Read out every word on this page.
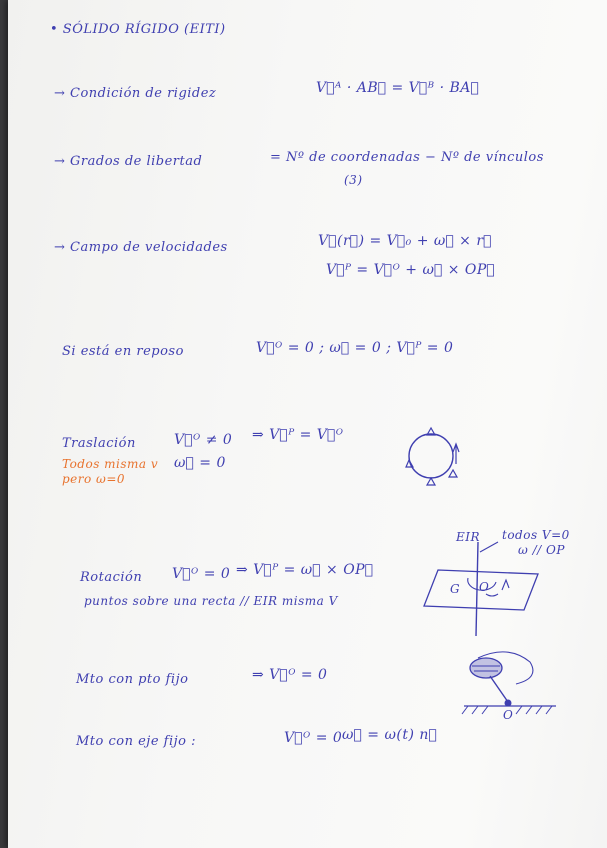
• SÓLIDO RÍGIDO (EITI)
→ Condición de rigidez	V⃗ᴬ · AB⃗ = V⃗ᴮ · BA⃗
→ Grados de libertad	= Nº de coordenadas − Nº de vínculos
(3)
→ Campo de velocidades	V⃗(r⃗) = V⃗₀ + ω⃗ × r⃗
V⃗ᴾ = V⃗ᴼ + ω⃗ × OP⃗
Si está en reposo	V⃗ᴼ = 0 ; ω⃗ = 0 ; V⃗ᴾ = 0
Traslación	V⃗ᴼ ≠ 0
ω⃗ = 0
⇒ V⃗ᴾ = V⃗ᴼ
Todos misma v
pero ω=0
Rotación V⃗ᴼ = 0 ⇒ V⃗ᴾ = ω⃗ × OP⃗
puntos sobre una recta // EIR misma V
EIR todos V=0
ω // OP
G O
Mto con pto fijo	⇒ V⃗ᴼ = 0
O
Mto con eje fijo :	V⃗ᴼ = 0 ω⃗ = ω(t) n⃗
